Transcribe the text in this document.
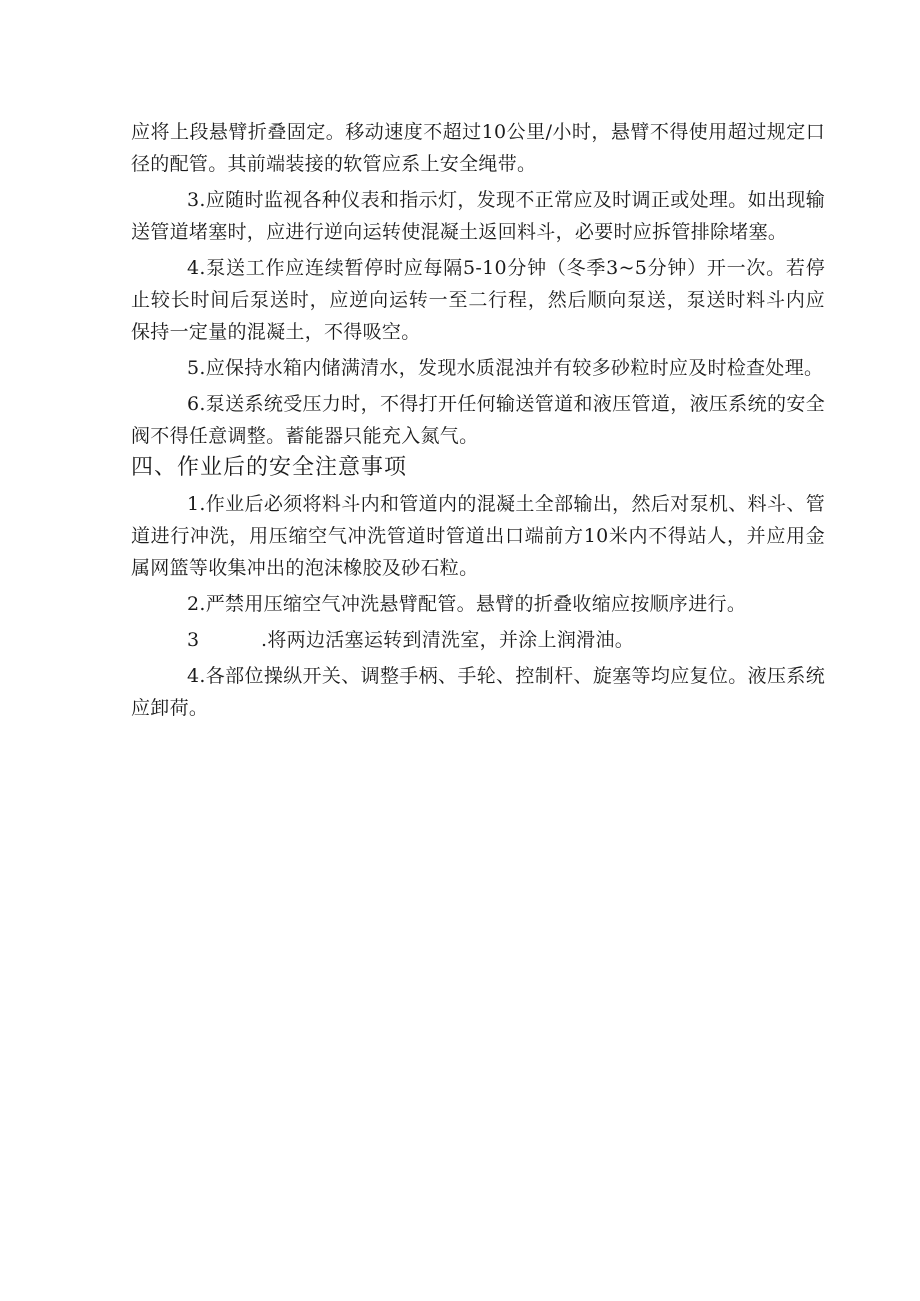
应将上段悬臂折叠固定。移动速度不超过10公里/小时，悬臂不得使用超过规定口径的配管。其前端装接的软管应系上安全绳带。

3.应随时监视各种仪表和指示灯，发现不正常应及时调正或处理。如出现输送管道堵塞时，应进行逆向运转使混凝土返回料斗，必要时应拆管排除堵塞。

4.泵送工作应连续暂停时应每隔5-10分钟（冬季3~5分钟）开一次。若停止较长时间后泵送时，应逆向运转一至二行程，然后顺向泵送，泵送时料斗内应保持一定量的混凝土，不得吸空。

5.应保持水箱内储满清水，发现水质混浊并有较多砂粒时应及时检查处理。

6.泵送系统受压力时，不得打开任何输送管道和液压管道，液压系统的安全阀不得任意调整。蓄能器只能充入氮气。

四、作业后的安全注意事项

1.作业后必须将料斗内和管道内的混凝土全部输出，然后对泵机、料斗、管道进行冲洗，用压缩空气冲洗管道时管道出口端前方10米内不得站人，并应用金属网篮等收集冲出的泡沫橡胶及砂石粒。

2.严禁用压缩空气冲洗悬臂配管。悬臂的折叠收缩应按顺序进行。

3	.将两边活塞运转到清洗室，并涂上润滑油。

4.各部位操纵开关、调整手柄、手轮、控制杆、旋塞等均应复位。液压系统应卸荷。
